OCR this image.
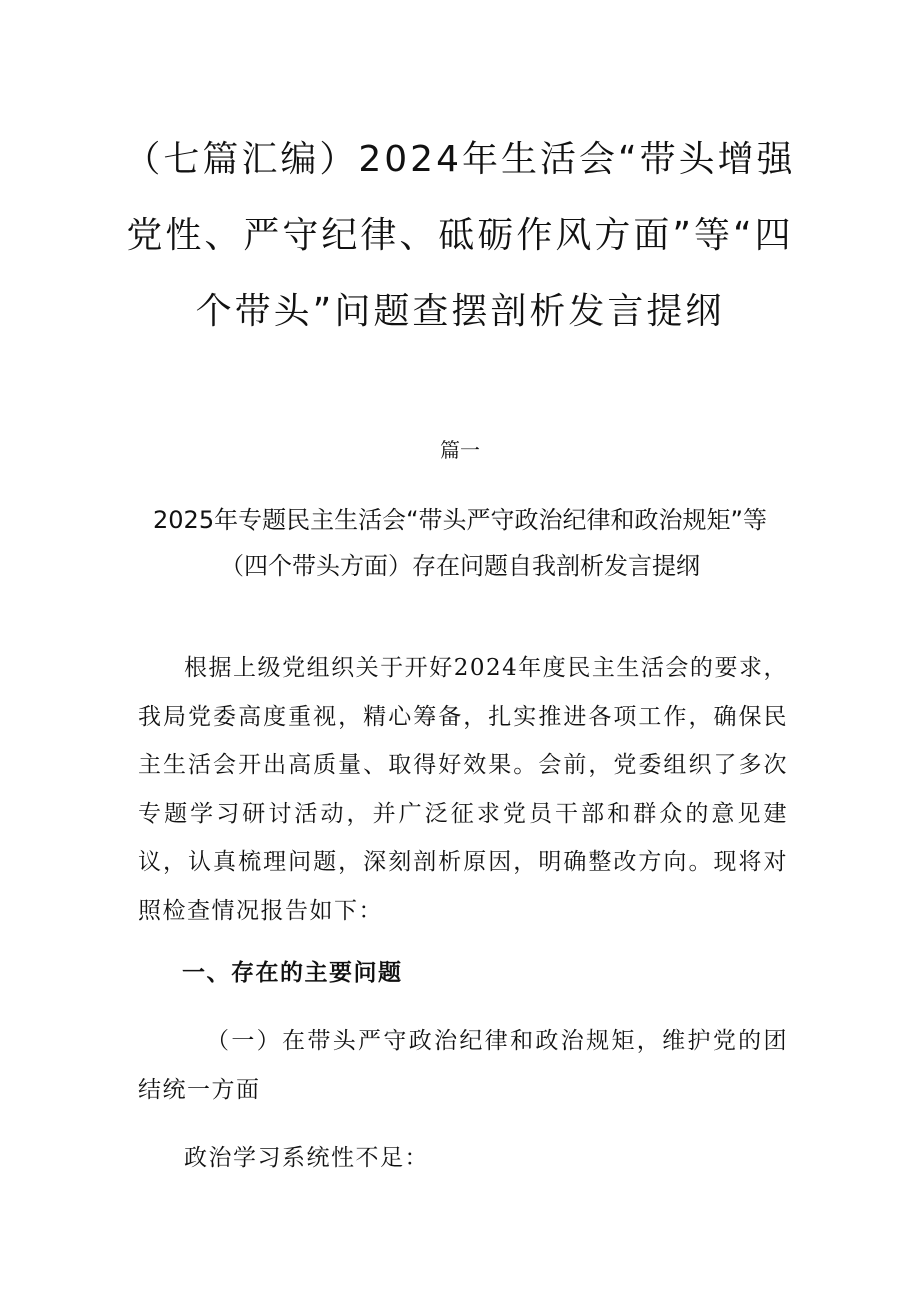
（七篇汇编）2024年生活会“带头增强党性、严守纪律、砥砺作风方面”等“四个带头”问题查摆剖析发言提纲

篇一

2025年专题民主生活会“带头严守政治纪律和政治规矩”等（四个带头方面）存在问题自我剖析发言提纲

根据上级党组织关于开好2024年度民主生活会的要求，我局党委高度重视，精心筹备，扎实推进各项工作，确保民主生活会开出高质量、取得好效果。会前，党委组织了多次专题学习研讨活动，并广泛征求党员干部和群众的意见建议，认真梳理问题，深刻剖析原因，明确整改方向。现将对照检查情况报告如下：

一、存在的主要问题

（一）在带头严守政治纪律和政治规矩，维护党的团结统一方面

政治学习系统性不足：
